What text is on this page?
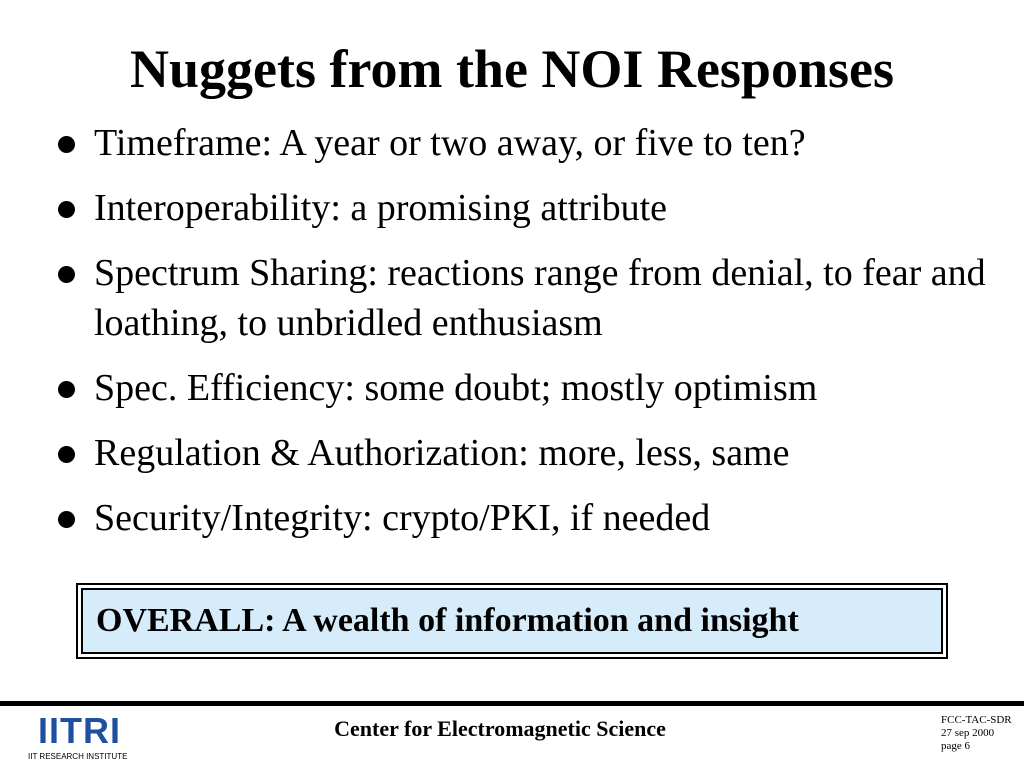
Nuggets from the NOI Responses
Timeframe: A year or two away, or five to ten?
Interoperability: a promising attribute
Spectrum Sharing: reactions range from denial, to fear and loathing, to unbridled enthusiasm
Spec. Efficiency: some doubt; mostly optimism
Regulation & Authorization: more, less, same
Security/Integrity: crypto/PKI, if needed
OVERALL: A wealth of information and insight
IITRI
IIT RESEARCH INSTITUTE
Center for Electromagnetic Science	FCC-TAC-SDR
27 sep 2000
page 6
